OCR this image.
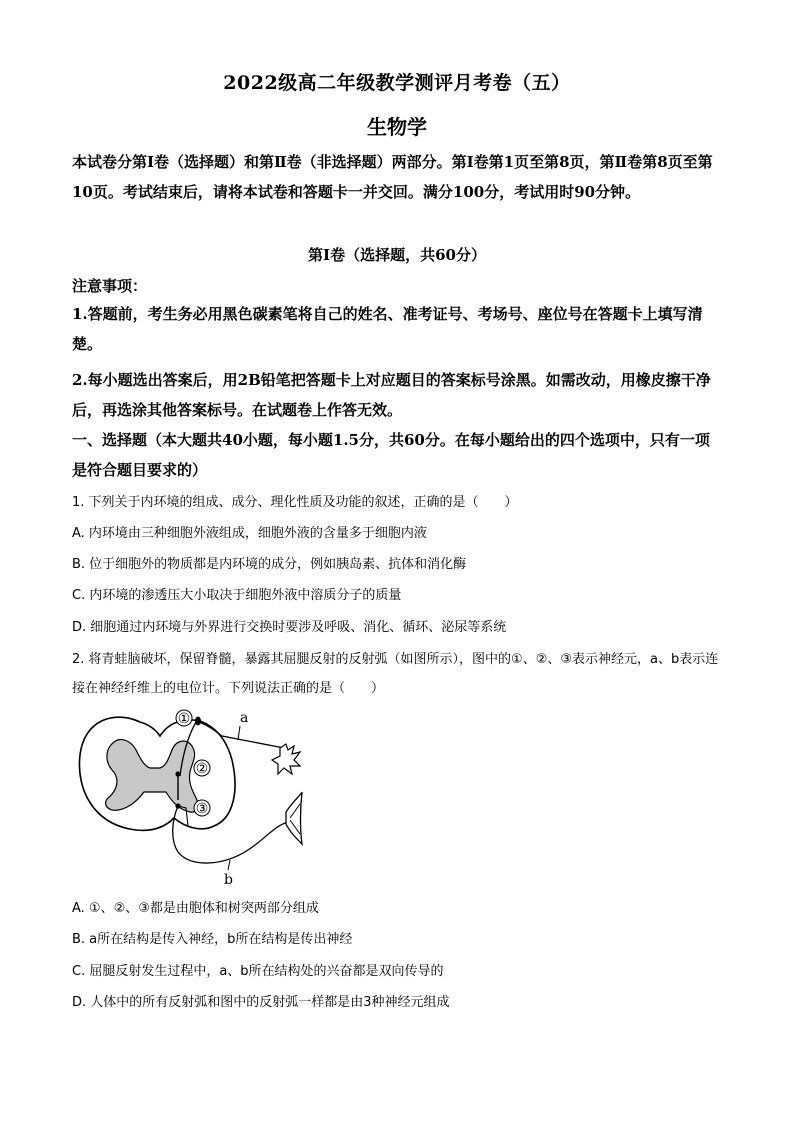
2022级高二年级教学测评月考卷（五）
生物学
本试卷分第Ⅰ卷（选择题）和第Ⅱ卷（非选择题）两部分。第Ⅰ卷第1页至第8页，第Ⅱ卷第8页至第10页。考试结束后，请将本试卷和答题卡一并交回。满分100分，考试用时90分钟。
第Ⅰ卷（选择题，共60分）
注意事项：
1.答题前，考生务必用黑色碳素笔将自己的姓名、准考证号、考场号、座位号在答题卡上填写清楚。
2.每小题选出答案后，用2B铅笔把答题卡上对应题目的答案标号涂黑。如需改动，用橡皮擦干净后，再选涂其他答案标号。在试题卷上作答无效。
一、选择题（本大题共40小题，每小题1.5分，共60分。在每小题给出的四个选项中，只有一项是符合题目要求的）
1. 下列关于内环境的组成、成分、理化性质及功能的叙述，正确的是（　　）
A. 内环境由三种细胞外液组成，细胞外液的含量多于细胞内液
B. 位于细胞外的物质都是内环境的成分，例如胰岛素、抗体和消化酶
C. 内环境的渗透压大小取决于细胞外液中溶质分子的质量
D. 细胞通过内环境与外界进行交换时要涉及呼吸、消化、循环、泌尿等系统
2. 将青蛙脑破坏，保留脊髓，暴露其屈腿反射的反射弧（如图所示），图中的①、②、③表示神经元，a、b表示连接在神经纤维上的电位计。下列说法正确的是（　　）
①
②
③
a
b
A. ①、②、③都是由胞体和树突两部分组成
B. a所在结构是传入神经，b所在结构是传出神经
C. 屈腿反射发生过程中，a、b所在结构处的兴奋都是双向传导的
D. 人体中的所有反射弧和图中的反射弧一样都是由3种神经元组成
